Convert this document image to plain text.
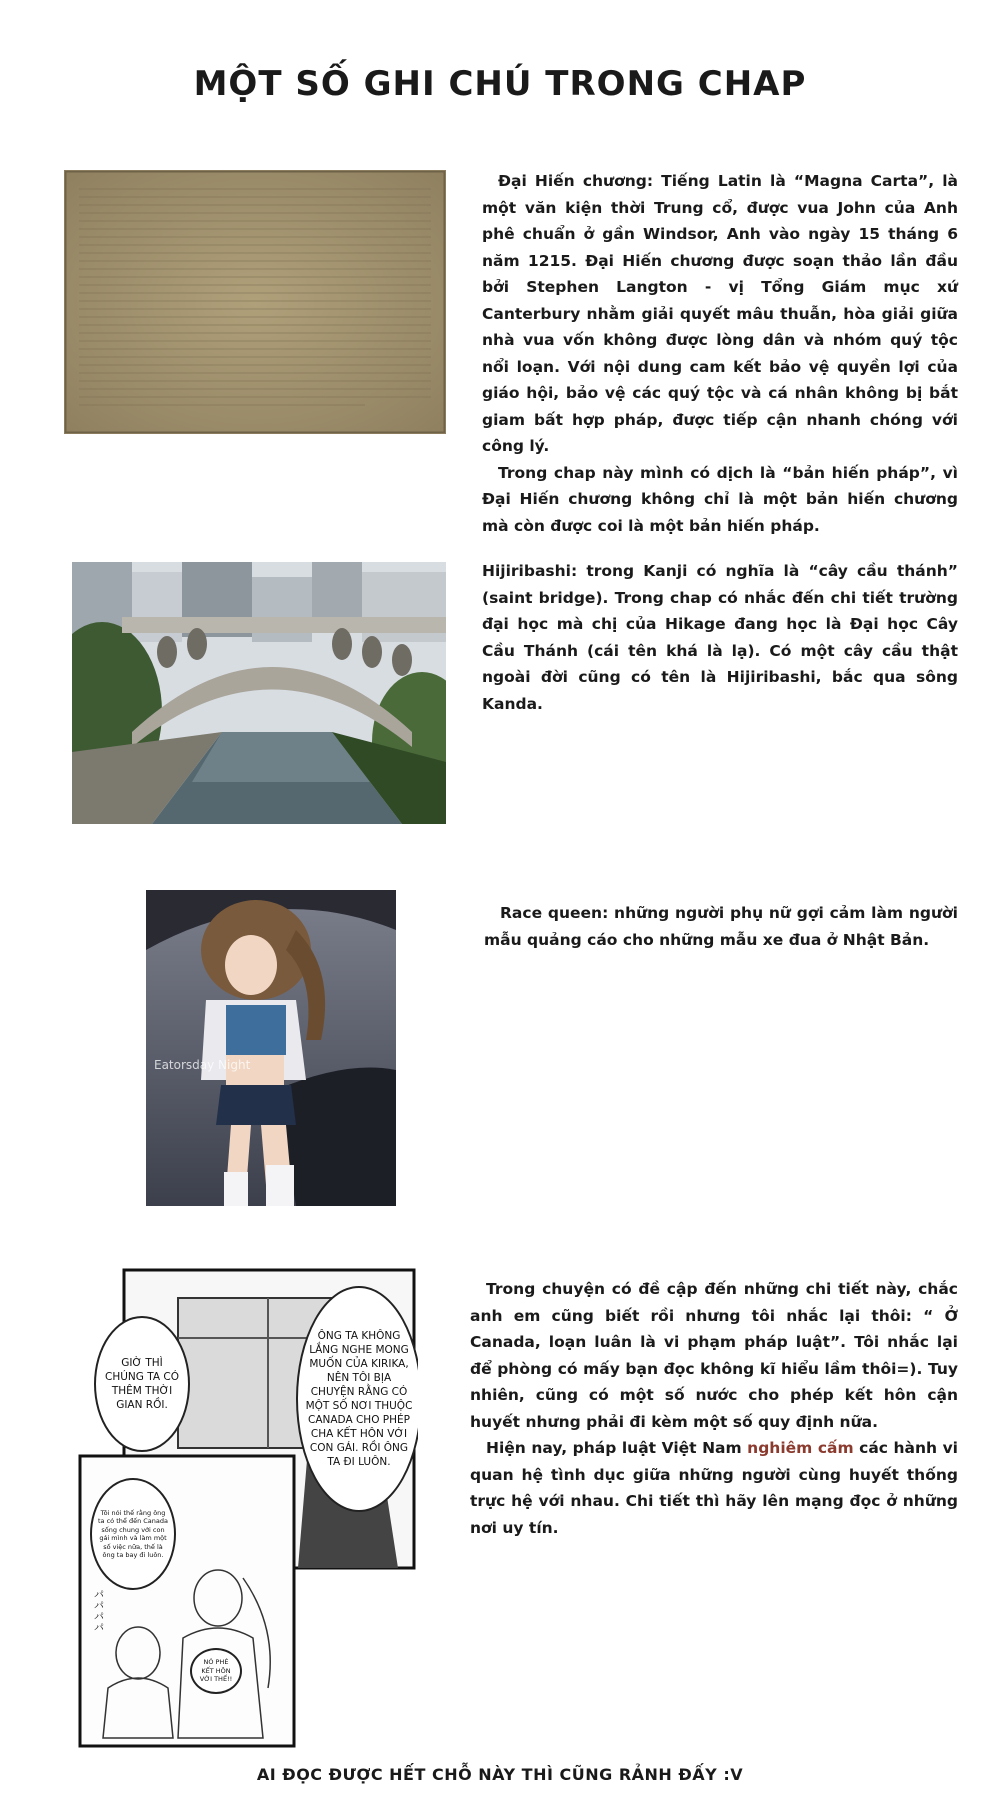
MỘT SỐ GHI CHÚ TRONG CHAP

Đại Hiến chương: Tiếng Latin là “Magna Carta”, là một văn kiện thời Trung cổ, được vua John của Anh phê chuẩn ở gần Windsor, Anh vào ngày 15 tháng 6 năm 1215. Đại Hiến chương được soạn thảo lần đầu bởi Stephen Langton - vị Tổng Giám mục xứ Canterbury nhằm giải quyết mâu thuẫn, hòa giải giữa nhà vua vốn không được lòng dân và nhóm quý tộc nổi loạn. Với nội dung cam kết bảo vệ quyền lợi của giáo hội, bảo vệ các quý tộc và cá nhân không bị bắt giam bất hợp pháp, được tiếp cận nhanh chóng với công lý.

Trong chap này mình có dịch là “bản hiến pháp”, vì Đại Hiến chương không chỉ là một bản hiến chương mà còn được coi là một bản hiến pháp.

Hijiribashi: trong Kanji có nghĩa là “cây cầu thánh” (saint bridge). Trong chap có nhắc đến chi tiết trường đại học mà chị của Hikage đang học là Đại học Cây Cầu Thánh (cái tên khá là lạ). Có một cây cầu thật ngoài đời cũng có tên là Hijiribashi, bắc qua sông Kanda.

Eatorsday Night

Race queen: những người phụ nữ gợi cảm làm người mẫu quảng cáo cho những mẫu xe đua ở Nhật Bản.

GIỜ THÌ CHÚNG TA CÓ THÊM THỜI GIAN RỒI.
ÔNG TA KHÔNG LẮNG NGHE MONG MUỐN CỦA KIRIKA, NÊN TÔI BỊA CHUYỆN RẰNG CÓ MỘT SỐ NƠI THUỘC CANADA CHO PHÉP CHA KẾT HÔN VỚI CON GÁI. RỒI ÔNG TA ĐI LUÔN.
Tôi nói thế rằng ông ta có thể đến Canada sống chung với con gái mình và làm một số việc nữa, thế là ông ta bay đi luôn.
NÓ PHÉ KẾT HÔN VỚI THẾ!!
パパパパ

Trong chuyện có đề cập đến những chi tiết này, chắc anh em cũng biết rồi nhưng tôi nhắc lại thôi: “ Ở Canada, loạn luân là vi phạm pháp luật”. Tôi nhắc lại để phòng có mấy bạn đọc không kĩ hiểu lầm thôi=). Tuy nhiên, cũng có một số nước cho phép kết hôn cận huyết nhưng phải đi kèm một số quy định nữa.

Hiện nay, pháp luật Việt Nam nghiêm cấm các hành vi quan hệ tình dục giữa những người cùng huyết thống trực hệ với nhau. Chi tiết thì hãy lên mạng đọc ở những nơi uy tín.

AI ĐỌC ĐƯỢC HẾT CHỖ NÀY THÌ CŨNG RẢNH ĐẤY :V
